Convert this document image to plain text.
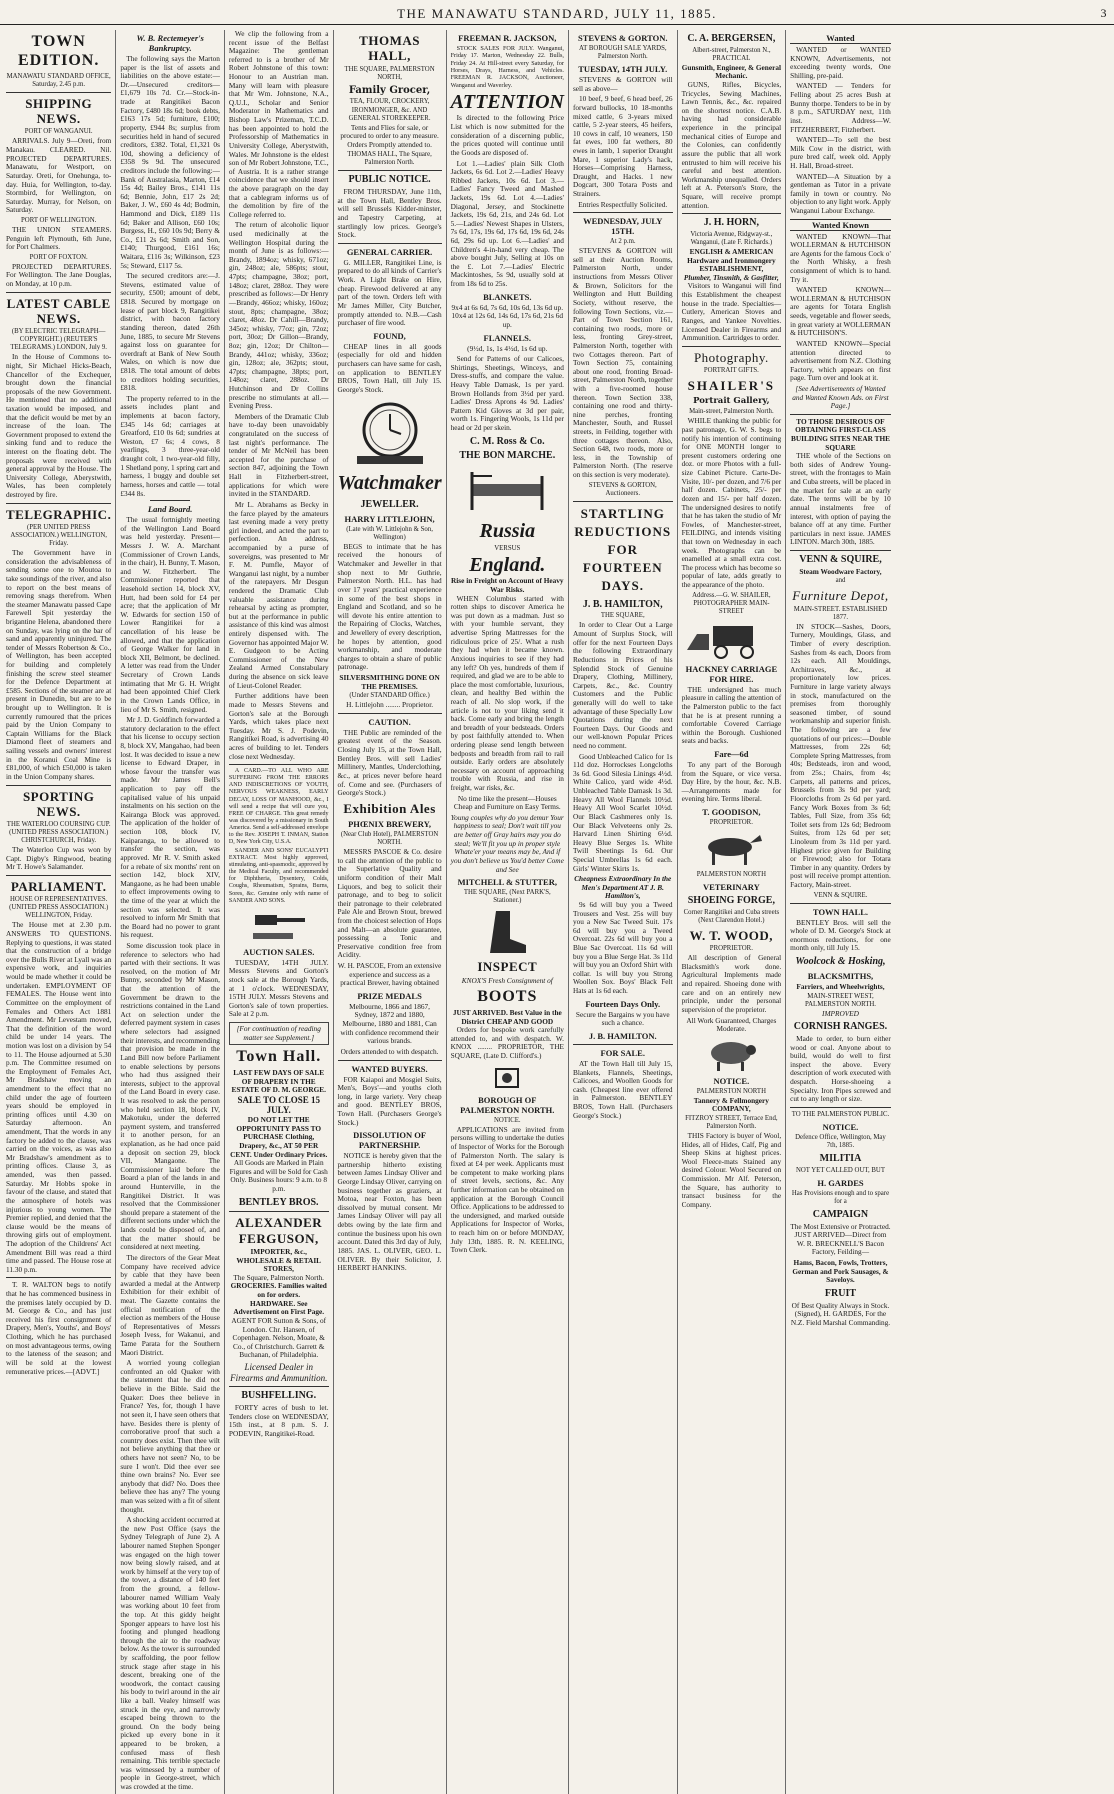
THE MANAWATU STANDARD, JULY 11, 1885.	3
TOWN EDITION.
MANAWATU STANDARD OFFICE, Saturday, 2.45 p.m.
SHIPPING NEWS.
PORT OF WANGANUI.

ARRIVALS. July 9—Oreti, from Manakau. CLEARED. Nil. PROJECTED DEPARTURES. Manawatu, for Westport, on Saturday. Oreti, for Onehunga, to-day. Huia, for Wellington, to-day. Stormbird, for Wellington, on Saturday. Murray, for Nelson, on Saturday.

PORT OF WELLINGTON.

THE UNION STEAMERS. Penguin left Plymouth, 6th June, for Port Chalmers.

PORT OF FOXTON.

PROJECTED DEPARTURES. For Wellington. The Jane Douglas, on Monday, at 10 p.m.

LATEST CABLE NEWS.
(BY ELECTRIC TELEGRAPH—COPYRIGHT.) (REUTER'S TELEGRAMS.) LONDON, July 9.

In the House of Commons to-night, Sir Michael Hicks-Beach, Chancellor of the Exchequer, brought down the financial proposals of the new Government. He mentioned that no additional taxation would be imposed, and that the deficit would be met by an increase of the loan. The Government proposed to extend the sinking fund and to reduce the interest on the floating debt. The proposals were received with general approval by the House. The University College, Aberystwith, Wales, has been completely destroyed by fire.

TELEGRAPHIC.
(PER UNITED PRESS ASSOCIATION.) WELLINGTON, Friday.

The Government have in consideration the advisableness of sending some one to Moutoa to take soundings of the river, and also to report on the best means of removing snags therefrom. When the steamer Manawatu passed Cape Farewell Spit yesterday the brigantine Helena, abandoned there on Sunday, was lying on the bar of sand and apparently uninjured. The tender of Messrs Robertson & Co., of Wellington, has been accepted for building and completely finishing the screw steel steamer for the Defence Department at £585. Sections of the steamer are at present in Dunedin, but are to be brought up to Wellington. It is currently rumoured that the prices paid by the Union Company to Captain Williams for the Black Diamond fleet of steamers and sailing vessels and owners' interest in the Koranui Coal Mine is £81,000, of which £50,000 is taken in the Union Company shares.

SPORTING NEWS.
THE WATERLOO COURSING CUP. (UNITED PRESS ASSOCIATION.) CHRISTCHURCH, Friday.

The Waterloo Cup was won by Capt. Digby's Ringwood, beating Mr T. Howe's Salamander.

PARLIAMENT.
HOUSE OF REPRESENTATIVES. (UNITED PRESS ASSOCIATION.) WELLINGTON, Friday.

The House met at 2.30 p.m. ANSWERS TO QUESTIONS. Replying to questions, it was stated that the construction of a bridge over the Bulls River at Lyall was an expensive work, and inquiries would be made whether it could be undertaken. EMPLOYMENT OF FEMALES. The House went into Committee on the employment of Females and Others Act 1881 Amendment. Mr Levestam moved, That the definition of the word child be under 14 years. The motion was lost on a division by 54 to 11. The House adjourned at 5.30 p.m. The Committee resumed on the Employment of Females Act, Mr Bradshaw moving an amendment to the effect that no child under the age of fourteen years should be employed in printing offices until 4.30 on Saturday afternoon. An amendment, That the words in any factory be added to the clause, was carried on the voices, as was also Mr Bradshaw's amendment as to printing offices. Clause 3, as amended, was then passed. Saturday. Mr Hobbs spoke in favour of the clause, and stated that the atmosphere of hotels was injurious to young women. The Premier replied, and denied that the clause would be the means of throwing girls out of employment. The adoption of the Childrens' Act Amendment Bill was read a third time and passed. The House rose at 11.30 p.m.

T. R. WALTON begs to notify that he has commenced business in the premises lately occupied by D. M. George & Co., and has just received his first consignment of Drapery, Men's, Youths', and Boys' Clothing, which he has purchased on most advantageous terms, owing to the lateness of the season; and will be sold at the lowest remunerative prices.—[ADVT.]

W. B. Rectemeyer's Bankruptcy.

The following says the Marton paper is the list of assets and liabilities on the above estate:—Dr.—Unsecured creditors—£1,679 10s 7d. Cr.—Stock-in-trade at Rangitikei Bacon Factory, £480 18s 6d; book debts, £163 17s 5d; furniture, £100; property, £944 8s; surplus from securities held in hand of secured creditors, £382. Total, £1,321 0s 10d, showing a deficiency of £358 9s 9d. The unsecured creditors include the following:—Bank of Australasia, Marton, £14 15s 4d; Bailey Bros., £141 11s 6d; Bennie, John, £17 2s 2d; Baker, J. W., £60 4s 4d; Bodmin, Hammond and Dick, £189 11s 6d; Baker and Allison, £60 10s; Burgess, H., £60 10s 9d; Berry & Co., £11 2s 6d; Smith and Son, £140; Thurgood, £161 16s; Waitara, £116 3s; Wilkinson, £23 5s; Steward, £117 5s.

The secured creditors are:—J. Stevens, estimated value of security, £500; amount of debt, £818. Secured by mortgage on lease of part block 9, Rangitikei district, with bacon factory standing thereon, dated 26th June, 1885, to secure Mr Stevens against loss on guarantee for overdraft at Bank of New South Wales, on which is now due £818. The total amount of debts to creditors holding securities, £818.

The property referred to in the assets includes plant and implements at bacon factory, £345 14s 6d; carriages at Greatford, £10 0s 6d; sundries at Weston, £7 6s; 4 cows, 8 yearlings, 3 three-year-old draught colt, 1 two-year-old filly, 1 Shetland pony, 1 spring cart and harness, 1 buggy and double set harness, horses and cattle — total £344 8s.

Land Board.

The usual fortnightly meeting of the Wellington Land Board was held yesterday. Present—Messrs J. W. A. Marchant (Commissioner of Crown Lands, in the chair), H. Bunny, T. Mason, and W. Fitzherbert. The Commissioner reported that leasehold section 14, block XV, Hutt, had been sold for £4 per acre; that the application of Mr W. Edwards for section 150 of Lower Rangitikei for a cancellation of his lease be allowed, and that the application of George Walker for land in block XII, Belmont, be declined. A letter was read from the Under Secretary of Crown Lands intimating that Mr G. H. Wright had been appointed Chief Clerk in the Crown Lands Office, in lieu of Mr S. Smith, resigned.

Mr J. D. Goldfinch forwarded a statutory declaration to the effect that his license to occupy section 8, block XV, Mangahao, had been lost. It was decided to issue a new license to Edward Draper, in whose favour the transfer was made. Mr James Bell's application to pay off the capitalised value of his unpaid instalments on his section on the Kairanga Block was approved. The application of the holder of section 108, block IV, Kaiparanga, to be allowed to transfer the section, was approved. Mr R. V. Smith asked for a rebate of six months' rent on section 142, block XIV, Mangaone, as he had been unable to effect improvements owing to the time of the year at which the section was selected. It was resolved to inform Mr Smith that the Board had no power to grant his request.

Some discussion took place in reference to selectors who had parted with their sections. It was resolved, on the motion of Mr Bunny, seconded by Mr Mason, that the attention of the Government be drawn to the restrictions contained in the Land Act on selection under the deferred payment system in cases where selectors had assigned their interests, and recommending that provision be made in the Land Bill now before Parliament to enable selections by persons who had thus assigned their interests, subject to the approval of the Land Board in every case. It was resolved to ask the person who held section 18, block IV, Makotuku, under the deferred payment system, and transferred it to another person, for an explanation, as he had once paid a deposit on section 29, block VII, Mangaone. The Commissioner laid before the Board a plan of the lands in and around Hunterville, in the Rangitikei District. It was resolved that the Commissioner should prepare a statement of the different sections under which the lands could be disposed of, and that the matter should be considered at next meeting.

The directors of the Gear Meat Company have received advice by cable that they have been awarded a medal at the Antwerp Exhibition for their exhibit of meat. The Gazette contains the official notification of the election as members of the House of Representatives of Messrs Joseph Ivess, for Wakanui, and Tame Parata for the Southern Maori District.

A worried young collegian confronted an old Quaker with the statement that he did not believe in the Bible. Said the Quaker: Does thee believe in France? Yes, for, though I have not seen it, I have seen others that have. Besides there is plenty of corroborative proof that such a country does exist. Then thee wilt not believe anything that thee or others have not seen? No, to be sure I won't. Did thee ever see thine own brains? No. Ever see anybody that did? No. Does thee believe thee has any? The young man was seized with a fit of silent thought.

A shocking accident occurred at the new Post Office (says the Sydney Telegraph of June 2). A labourer named Stephen Sponger was engaged on the high tower now being slowly raised, and at work by himself at the very top of the tower, a distance of 140 feet from the ground, a fellow-labourer named William Vealy was working about 10 feet from the top. At this giddy height Sponger appears to have lost his footing and plunged headlong through the air to the roadway below. As the tower is surrounded by scaffolding, the poor fellow struck stage after stage in his descent, breaking one of the woodwork, the contact causing his body to twirl around in the air like a ball. Vealey himself was struck in the eye, and narrowly escaped being thrown to the ground. On the body being picked up every bone in it appeared to be broken, a confused mass of flesh remaining. This terrible spectacle was witnessed by a number of people in George-street, which was crowded at the time.

We clip the following from a recent issue of the Belfast Magazine: The gentleman referred to is a brother of Mr Robert Johnstone of this town: Honour to an Austrian man. Many will learn with pleasure that Mr Wm. Johnstone, N.A., Q.U.I., Scholar and Senior Moderator in Mathematics and Bishop Law's Prizeman, T.C.D. has been appointed to hold the Professorship of Mathematics in University College, Aberystwith, Wales. Mr Johnstone is the eldest son of Mr Robert Johnstone, T.C., of Austria. It is a rather strange coincidence that we should insert the above paragraph on the day that a cablegram informs us of the demolition by fire of the College referred to.

The return of alcoholic liquor used medicinally at the Wellington Hospital during the month of June is as follows:—Brandy, 1894oz; whisky, 671oz; gin, 248oz; ale, 586pts; stout, 47pts; champagne, 38oz; port, 148oz; claret, 288oz. They were prescribed as follows:—Dr Henry—Brandy, 466oz; whisky, 160oz; stout, 8pts; champagne, 38oz; claret, 48oz. Dr Cahill—Brandy, 345oz; whisky, 77oz; gin, 72oz; port, 30oz; Dr Gillon—Brandy, 8oz; gin, 12oz; Dr Chilton—Brandy, 441oz; whisky, 336oz; gin, 128oz; ale, 362pts; stout, 47pts; champagne, 38pts; port, 148oz; claret, 288oz. Dr Hutchinson and Dr Collins prescribe no stimulants at all.—Evening Press.

Members of the Dramatic Club have to-day been unavoidably congratulated on the success of last night's performance. The tender of Mr McNeil has been accepted for the purchase of section 847, adjoining the Town Hall in Fitzherbert-street, applications for which were invited in the STANDARD.

Mr L. Abrahams as Becky in the farce played by the amateurs last evening made a very pretty girl indeed, and acted the part to perfection. An address, accompanied by a purse of sovereigns, was presented to Mr F. M. Pumfle, Mayor of Wanganui last night, by a number of the ratepayers. Mr Desgun rendered the Dramatic Club valuable assistance during rehearsal by acting as prompter, but at the performance in public assistance of this kind was almost entirely dispensed with. The Governor has appointed Major W. E. Gudgeon to be Acting Commissioner of the New Zealand Armed Constabulary during the absence on sick leave of Lieut-Colonel Reader.

Further additions have been made to Messrs Stevens and Gorton's sale at the Borough Yards, which takes place next Tuesday. Mr S. J. Podevin, Rangitikei Road, is advertising 40 acres of building to let. Tenders close next Wednesday.

A CARD.—TO ALL WHO ARE SUFFERING FROM THE ERRORS AND INDISCRETIONS OF YOUTH, NERVOUS WEAKNESS, EARLY DECAY, LOSS OF MANHOOD, &c., I will send a recipe that will cure you, FREE OF CHARGE. This great remedy was discovered by a missionary in South America. Send a self-addressed envelope to the Rev. JOSEPH T. INMAN, Station D, New York City, U.S.A.

SANDER AND SONS' EUCALYPTI EXTRACT. Most highly approved, stimulating, anti-spasmodic, approved by the Medical Faculty, and recommended for Diphtheria, Dysentery, Colds, Coughs, Rheumatism, Sprains, Burns, Sores, &c. Genuine only with name of SANDER AND SONS.

AUCTION SALES.

TUESDAY, 14TH JULY. Messrs Stevens and Gorton's stock sale at the Borough Yards, at 1 o'clock. WEDNESDAY, 15TH JULY. Messrs Stevens and Gorton's sale of town properties. Sale at 2 p.m.

[For continuation of reading matter see Supplement.]
Town Hall.
LAST FEW DAYS OF SALE OF DRAPERY IN THE ESTATE OF D. M. GEORGE.
SALE TO CLOSE 15 JULY.
DO NOT LET THE OPPORTUNITY PASS TO PURCHASE Clothing, Drapery, &c., AT 50 PER CENT. Under Ordinary Prices.

All Goods are Marked in Plain Figures and will be Sold for Cash Only. Business hours: 9 a.m. to 8 p.m.

BENTLEY BROS.
ALEXANDER FERGUSON,
IMPORTER, &c., WHOLESALE & RETAIL STORES,
The Square, Palmerston North.
GROCERIES. Families waited on for orders.
HARDWARE. See Advertisement on First Page.

AGENT FOR Sutton & Sons, of London. Chr. Hansen, of Copenhagen. Nelson, Moate, & Co., of Christchurch. Garrett & Buchanan, of Philadelphia.

Licensed Dealer in Firearms and Ammunition.
BUSHFELLING.

FORTY acres of bush to let. Tenders close on WEDNESDAY, 15th inst., at 8 p.m. S. J. PODEVIN, Rangitikei-Road.

THOMAS HALL,
THE SQUARE, PALMERSTON NORTH,
Family Grocer,
TEA, FLOUR, CROCKERY, IRONMONGER, &c. AND GENERAL STOREKEEPER.

Tents and Flies for sale, or procured to order to any measure. Orders Promptly attended to.

THOMAS HALL, The Square, Palmerston North.
PUBLIC NOTICE.

FROM THURSDAY, June 11th, at the Town Hall, Bentley Bros. will sell Brussels Kidder-minster, and Tapestry Carpeting, at startlingly low prices. George's Stock.

GENERAL CARRIER.

G. MILLER, Rangitikei Line, is prepared to do all kinds of Carrier's Work. A Light Brake on Hire, cheap. Firewood delivered at any part of the town. Orders left with Mr James Miller, City Butcher, promptly attended to. N.B.—Cash purchaser of fire wood.

FOUND,

CHEAP lines in all goods (especially for old and hidden purchasers can have same for cash, on application to BENTLEY BROS, Town Hall, till July 15. George's Stock.

Watchmaker
JEWELLER.
HARRY LITTLEJOHN,
(Late with W. Littlejohn & Son, Wellington)

BEGS to intimate that he has received the honours of Watchmaker and Jeweller in that shop next to Mr Guthrie, Palmerston North. H.L. has had over 17 years' practical experience in some of the best shops in England and Scotland, and so he will devote his entire attention to the Repairing of Clocks, Watches, and Jewellery of every description, he hopes by attention, good workmanship, and moderate charges to obtain a share of public patronage.

SILVERSMITHING DONE ON THE PREMISES.
(Under STANDARD Office.)
H. Littlejohn ........ Proprietor.
CAUTION.

THE Public are reminded of the greatest event of the Season. Closing July 15, at the Town Hall, Bentley Bros. will sell Ladies' Millinery, Mantles, Underclothing, &c., at prices never before heard of. Come and see. (Purchasers of George's Stock.)

Exhibition Ales
PHŒNIX BREWERY,
(Near Club Hotel), PALMERSTON NORTH.

MESSRS PASCOE & Co. desire to call the attention of the public to the Superlative Quality and uniform condition of their Malt Liquors, and beg to solicit their patronage, and to beg to solicit their patronage to their celebrated Pale Ale and Brown Stout, brewed from the choicest selection of Hops and Malt—an absolute guarantee, possessing a Tonic and Preservative condition free from Acidity.

W. H. PASCOE, From an extensive experience and success as a practical Brewer, having obtained

PRIZE MEDALS

Melbourne, 1866 and 1867, Sydney, 1872 and 1880, Melbourne, 1880 and 1881, Can with confidence recommend their various brands.

Orders attended to with despatch.
WANTED BUYERS.

FOR Kaiapoi and Mosgiel Suits, Men's, Boys'—and youths cloth long, in large variety. Very cheap and good. BENTLEY BROS, Town Hall. (Purchasers George's Stock.)

DISSOLUTION OF PARTNERSHIP.

NOTICE is hereby given that the partnership hitherto existing between James Lindsay Oliver and George Lindsay Oliver, carrying on business together as graziers, at Motoa, near Foxton, has been dissolved by mutual consent. Mr James Lindsay Oliver will pay all debts owing by the late firm and continue the business upon his own account. Dated this 3rd day of July, 1885. JAS. L. OLIVER, GEO. L. OLIVER. By their Solicitor, J. HERBERT HANKINS.

FREEMAN R. JACKSON,

STOCK SALES FOR JULY. Wanganui, Friday 17. Marton, Wednesday 22. Bulls, Friday 24. At Hill-street every Saturday, for Horses, Drays, Harness, and Vehicles. FREEMAN R. JACKSON, Auctioneer, Wanganui and Waverley.

ATTENTION

Is directed to the following Price List which is now submitted for the consideration of a discerning public, the prices quoted will continue until the Goods are disposed of.

Lot 1.—Ladies' plain Silk Cloth Jackets, 6s 6d. Lot 2.—Ladies' Heavy Ribbed Jackets, 10s 6d. Lot 3.—Ladies' Fancy Tweed and Mashed Jackets, 19s 6d. Lot 4.—Ladies' Diagonal, Jersey, and Stockinette Jackets, 19s 6d, 21s, and 24s 6d. Lot 5.—Ladies' Newest Shapes in Ulsters, 7s 6d, 17s, 19s 6d, 17s 6d, 19s 6d, 24s 6d, 29s 6d up. Lot 6.—Ladies' and Children's 4-in-hand very cheap. The above bought July, Selling at 10s on the £. Lot 7.—Ladies' Electric Mackintoshes, 5s 9d, usually sold at from 18s 6d to 25s.

BLANKETS.

9x4 at 6s 6d, 7s 6d, 10s 6d, 13s 6d up. 10x4 at 12s 6d, 14s 6d, 17s 6d, 21s 6d up.

FLANNELS.

(9½d, 1s, 1s 4½d, 1s 6d up.

Send for Patterns of our Calicoes, Shirtings, Sheetings, Winceys, and Dress-stuffs, and compare the value. Heavy Table Damask, 1s per yard. Brown Hollands from 3½d per yard. Ladies' Dress Aprons 4s 9d. Ladies' Pattern Kid Gloves at 3d per pair, worth 1s. Fingering Wools, 1s 11d per head or 2d per skein.

C. M. Ross & Co.
THE BON MARCHE.
Russia
VERSUS
England.
Rise in Freight on Account of Heavy War Risks.

WHEN Columbus started with rotten ships to discover America he was put down as a madman. Just so with your humble servant, they advertise Spring Mattresses for the ridiculous price of 25/. What a rush they had when it became known. Anxious inquiries to see if they had any left? Oh yes, hundreds of them if required, and glad we are to be able to place the most comfortable, luxurious, clean, and healthy Bed within the reach of all. No slop work, if the article is not to your liking send it back. Come early and bring the length and breadth of your bedsteads. Orders by post faithfully attended to. When ordering please send length between bedposts and breadth from rail to rail outside. Early orders are absolutely necessary on account of approaching trouble with Russia, and rise in freight, war risks, &c.

No time like the present—Houses Cheap and Furniture on Easy Terms.

Young couples why do you demur Your happiness to seal; Don't wait till you are better off Gray hairs may you do steal; We'll fit you up in proper style Whate'er your means may be, And if you don't believe us You'd better Come and See

MITCHELL & STUTTER,
THE SQUARE, (Next PARK'S, Stationer.)
INSPECT
KNOX'S Fresh Consignment of
BOOTS
JUST ARRIVED. Best Value in the District CHEAP AND GOOD

Orders for bespoke work carefully attended to, and with despatch. W. KNOX ........ PROPRIETOR, THE SQUARE, (Late D. Clifford's.)

BOROUGH OF PALMERSTON NORTH.
NOTICE.

APPLICATIONS are invited from persons willing to undertake the duties of Inspector of Works for the Borough of Palmerston North. The salary is fixed at £4 per week. Applicants must be competent to make working plans of street levels, sections, &c. Any further information can be obtained on application at the Borough Council Office. Applications to be addressed to the undersigned, and marked outside Applications for Inspector of Works, to reach him on or before MONDAY, July 13th, 1885. R. N. KEELING, Town Clerk.

STEVENS & GORTON.
AT BOROUGH SALE YARDS, Palmerston North.
TUESDAY, 14TH JULY.

STEVENS & GORTON will sell as above—

10 beef, 9 beef, 6 head beef, 26 forward bullocks, 10 18-months mixed cattle, 6 3-years mixed cattle, 5 2-year steers, 45 heifers, 10 cows in calf, 10 weaners, 150 fat ewes, 100 fat wethers, 80 ewes in lamb, 1 superior Draught Mare, 1 superior Lady's hack, Horses—Comprising Harness, Draught, and Hacks. 1 new Dogcart, 300 Totara Posts and Strainers.

Entries Respectfully Solicited.
WEDNESDAY, JULY 15TH.
At 2 p.m.

STEVENS & GORTON will sell at their Auction Rooms, Palmerston North, under instructions from Messrs Oliver & Brown, Solicitors for the Wellington and Hutt Building Society, without reserve, the following Town Sections, viz.—Part of Town Section 161, containing two roods, more or less, fronting Grey-street, Palmerston North, together with two Cottages thereon. Part of Town Section 75, containing about one rood, fronting Broad-street, Palmerston North, together with a five-roomed house thereon. Town Section 338, containing one rood and thirty-nine perches, fronting Manchester, South, and Russel streets, in Feilding, together with three cottages thereon. Also, Section 648, two roods, more or less, in the Township of Palmerston North. (The reserve on this section is very moderate).

STEVENS & GORTON, Auctioneers.
STARTLING REDUCTIONS FOR FOURTEEN DAYS.
J. B. HAMILTON,
THE SQUARE,

In order to Clear Out a Large Amount of Surplus Stock, will offer for the next Fourteen Days the following Extraordinary Reductions in Prices of his Splendid Stock of Genuine Drapery, Clothing, Millinery, Carpets, &c., &c. Country Customers and the Public generally will do well to take advantage of these Specially Low Quotations during the next Fourteen Days. Our Goods and our well-known Popular Prices need no comment.

Good Unbleached Calico for 1s 11d doz. Horrockses Longcloths 3s 6d. Good Silesia Linings 4½d. White Calico, yard wide 4½d. Unbleached Table Damask 1s 3d. Heavy All Wool Flannels 10½d. Heavy All Wool Scarlet 10½d. Our Black Cashmeres only 1s. Our Black Velveteens only 2s. Harvard Linen Shirting 6½d. Heavy Blue Serges 1s. White Twill Sheetings 1s 6d. Our Special Umbrellas 1s 6d each. Girls' Winter Skirts 1s.

Cheapness Extraordinary In the Men's Department AT J. B. Hamilton's,

9s 6d will buy you a Tweed Trousers and Vest. 25s will buy you a New Sac Tweed Suit. 17s 6d will buy you a Tweed Overcoat. 22s 6d will buy you a Blue Sac Overcoat. 11s 6d will buy you a Blue Serge Hat. 3s 11d will buy you an Oxford Shirt with collar. 1s will buy you Strong Woollen Sox. Boys' Black Felt Hats at 1s 6d each.

Fourteen Days Only.

Secure the Bargains w you have such a chance.

J. B. HAMILTON.
FOR SALE.

AT the Town Hall till July 15, Blankets, Flannels, Sheetings, Calicoes, and Woollen Goods for cash. (Cheapest line ever offered in Palmerston. BENTLEY BROS, Town Hall. (Purchasers George's Stock.)

C. A. BERGERSEN,
Albert-street, Palmerston N., PRACTICAL
Gunsmith, Engineer, & General Mechanic.

GUNS, Rifles, Bicycles, Tricycles, Sewing Machines, Lawn Tennis, &c., &c. repaired on the shortest notice. C.A.B. having had considerable experience in the principal mechanical cities of Europe and the Colonies, can confidently assure the public that all work entrusted to him will receive his careful and best attention. Workmanship unequalled. Orders left at A. Peterson's Store, the Square, will receive prompt attention.

J. H. HORN,
Victoria Avenue, Ridgway-st., Wanganui, (Late F. Richards.)
ENGLISH & AMERICAN Hardware and Ironmongery ESTABLISHMENT,
Plumber, Tinsmith, & Gasfitter,

Visitors to Wanganui will find this Establishment the cheapest house in the trade. Specialties—Cutlery, American Stoves and Ranges, and Yankee Novelties. Licensed Dealer in Firearms and Ammunition. Cartridges to order.

Photography.
PORTRAIT GIFTS.
SHAILER'S
Portrait Gallery,
Main-street, Palmerston North.

WHILE thanking the public for past patronage, G. W. S. begs to notify his intention of continuing for ONE MONTH longer to present customers ordering one doz. or more Photos with a full-size Cabinet Picture. Carte-De-Visite, 10/- per dozen, and 7/6 per half dozen. Cabinets, 25/- per dozen and 15/- per half dozen. The undersigned desires to notify that he has taken the studio of Mr Fowles, of Manchester-street, FEILDING, and intends visiting that town on Wednesday in each week. Photographs can be enamelled at a small extra cost. The process which has become so popular of late, adds greatly to the appearance of the photo.

Address.—G. W. SHAILER, PHOTOGRAPHER MAIN-STREET
HACKNEY CARRIAGE FOR HIRE.

THE undersigned has much pleasure in calling the attention of the Palmerston public to the fact that he is at present running a comfortable Covered Carriage within the Borough. Cushioned seats and backs.

Fare—6d

To any part of the Borough from the Square, or vice versa. Day Hire, by the hour, &c. N.B.—Arrangements made for evening hire. Terms liberal.

T. GOODISON,
PROPRIETOR.
PALMERSTON NORTH
VETERINARY
SHOEING FORGE,
Corner Rangitikei and Cuba streets (Next Clarendon Hotel.)
W. T. WOOD,
PROPRIETOR.

All description of General Blacksmith's work done. Agricultural Implements made and repaired. Shoeing done with care and on an entirely new principle, under the personal supervision of the proprietor.

All Work Guaranteed, Charges Moderate.
NOTICE.
PALMERSTON NORTH
Tannery & Fellmongery COMPANY,
FITZROY STREET, Terrace End, Palmerston North.

THIS Factory is buyer of Wool, Hides, all of Hides, Calf, Pig and Sheep Skins at highest prices. Wool Fleece-mats Stained any desired Colour. Wool Secured on Commission. Mr Alf. Peterson, the Square, has authority to transact business for the Company.

Wanted

WANTED or WANTED KNOWN, Advertisements, not exceeding twenty words, One Shilling, pre-paid.

WANTED — Tenders for Felling about 25 acres Bush at Bunny thorpe. Tenders to be in by 8 p.m., SATURDAY next, 11th inst. Address—W. FITZHERBERT, Fitzherbert.

WANTED—To sell the best Milk Cow in the district, with pure bred calf, week old. Apply H. Hall, Broad-street.

WANTED—A Situation by a gentleman as Tutor in a private family in town or country. No objection to any light work. Apply Wanganui Labour Exchange.

Wanted Known

WANTED KNOWN—That WOLLERMAN & HUTCHISON are Agents for the famous Cock o' the North Whisky, a fresh consignment of which is to hand. Try it.

WANTED KNOWN—WOLLERMAN & HUTCHISON are agents for Totara English seeds, vegetable and flower seeds, in great variety at WOLLERMAN & HUTCHISON'S.

WANTED KNOWN—Special attention directed to advertisement from N.Z. Clothing Factory, which appears on first page. Turn over and look at it.

[See Advertisements of Wanted and Wanted Known Ads. on First Page.]

TO THOSE DESIROUS OF OBTAINING FIRST-CLASS BUILDING SITES NEAR THE SQUARE

THE whole of the Sections on both sides of Andrew Young-street, with the frontages to Main and Cuba streets, will be placed in the market for sale at an early date. The terms will be by 10 annual instalments free of interest, with option of paying the balance off at any time. Further particulars in next issue. JAMES LINTON. March 30th, 1885.

VENN & SQUIRE,
Steam Woodware Factory,
and
Furniture Depot,
MAIN-STREET. ESTABLISHED 1877.

IN STOCK—Sashes, Doors, Turnery, Mouldings, Glass, and Timber of every description. Sashes from 4s each, Doors from 12s each. All Mouldings, Architraves, &c., at proportionately low prices. Furniture in large variety always in stock, manufactured on the premises from thoroughly seasoned timber, of sound workmanship and superior finish. The following are a few quotations of our prices:—Double Mattresses, from 22s 6d; Complete Spring Mattresses, from 40s; Bedsteads, iron and wood, from 25s.; Chairs, from 4s; Carpets, all patterns and prices, Brussels from 3s 9d per yard; Floorcloths from 2s 6d per yard. Fancy Work Boxes from 3s 6d; Tables, Full Size, from 35s 6d; Toilet sets from 12s 6d; Bedroom Suites, from 12s 6d per set; Linoleum from 3s 11d per yard. Highest price given for Building or Firewood; also for Totara Timber in any quantity. Orders by post will receive prompt attention. Factory, Main-street.

VENN & SQUIRE.
TOWN HALL.

BENTLEY Bros. will sell the whole of D. M. George's Stock at enormous reductions, for one month only, till July 15.

Woolcock & Hosking,
BLACKSMITHS,
Farriers, and Wheelwrights,
MAIN-STREET WEST, PALMERSTON NORTH.
IMPROVED
CORNISH RANGES.

Made to order, to burn either wood or coal. Anyone about to build, would do well to first inspect the above. Every description of work executed with despatch. Horse-shoeing a Specialty. Iron Pipes screwed and cut to any length or size.

TO THE PALMERSTON PUBLIC.
NOTICE.
Defence Office, Wellington, May 7th, 1885.
MILITIA
NOT YET CALLED OUT, BUT
H. GARDES
Has Provisions enough and to spare for a
CAMPAIGN
The Most Extensive or Protracted.

JUST ARRIVED—Direct from W. R. BRECKNELL'S Bacon Factory, Feilding—

Hams, Bacon, Fowls, Trotters, German and Pork Sausages, & Saveloys.
FRUIT

Of Best Quality Always in Stock. (Signed), H. GARDES, For the N.Z. Field Marshal Commanding.
